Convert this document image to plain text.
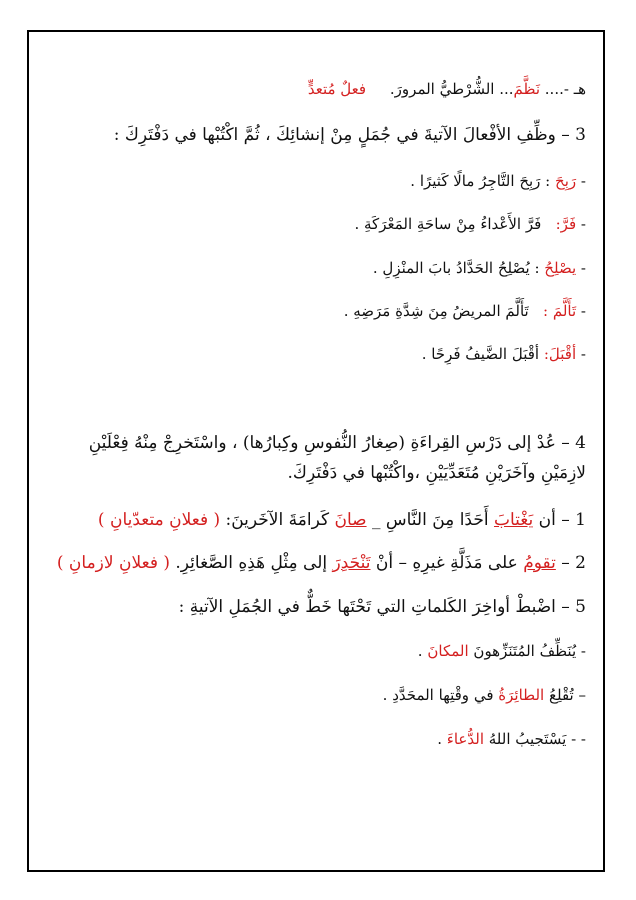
هـ -.... نَظَّمَ... الشُّرْطيُّ المرورَ.     فعلٌ مُتعدٍّ
3 – وظِّفِ الأفْعالَ الآتيةَ في جُمَلٍ مِنْ إنشائِكَ ، ثُمَّ اكْتُبْها في دَفْتَرِكَ :
- رَبِحَ : رَبِحَ التَّاجِرُ مالًا كَثيرًا .
- فَرَّ:   فَرَّ الأَعْداءُ مِنْ ساحَةِ المَعْرَكَةِ .
- يصْلِحُ : يُصْلِحُ الحَدَّادُ بابَ المنْزِلِ .
- تَأَلَّمَ :   تَأَلَّمَ المريضُ مِنَ شِدَّةِ مَرَضِهِ .
- أقْبَلَ: أقْبَلَ الضَّيفُ فَرِحًا .
4 – عُدْ إلى دَرْسِ القِراءَةِ (صِغارُ النُّفوسِ وكِبارُها) ، واسْتَخرِجْ مِنْهُ فِعْلَيْنِ لازِمَيْنِ وآخَرَيْنِ مُتَعَدِّيَيْنِ ،واكْتُبْها في دَفْتَرِكَ.
1 – أن يَغْتابَ أَحَدًا مِنَ النَّاسِ _ صانَ كَرامَةَ الآخَرينَ: ( فعلانِ متعدّيانِ )
2 – تقومُ على مَذَلَّةِ غيرِهِ – أنْ تَنْحَدِرَ إلى مِثْلِ هَذِهِ الصَّغائِرِ. ( فعلانِ لازمانِ )
5 – اضْبطْ أواخِرَ الكَلماتِ التي تَحْتَها خَطٌّ في الجُمَلِ الآتيةِ :
- يُنَظِّفُ المُتَنَزِّهونَ المكانَ .
– تُقْلِعُ الطائِرَةُ في وقْتِها المحَدَّدِ .
- - يَسْتَجيبُ اللهُ الدُّعاءَ .
